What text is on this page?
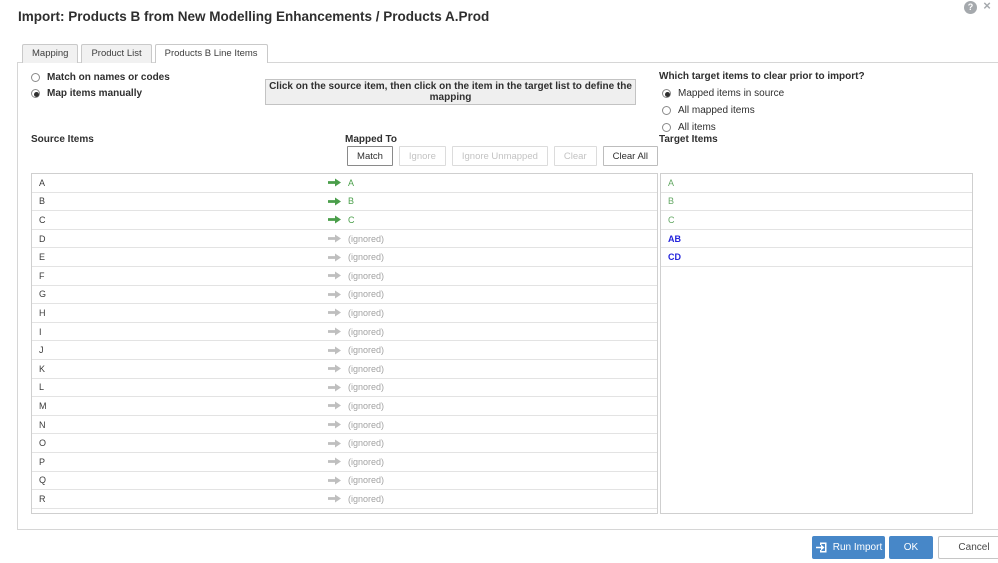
Import: Products B from New Modelling Enhancements / Products A.Prod
? ×
Mapping	Product List	Products B Line Items
Match on names or codes
Map items manually
Click on the source item, then click on the item in the target list to define the mapping
Which target items to clear prior to import?
Mapped items in source
All mapped items
All items
Source Items	Mapped To	Target Items
Match	Ignore	Ignore Unmapped	Clear	Clear All
A	A
B	B
C	C
D	(ignored)
E	(ignored)
F	(ignored)
G	(ignored)
H	(ignored)
I	(ignored)
J	(ignored)
K	(ignored)
L	(ignored)
M	(ignored)
N	(ignored)
O	(ignored)
P	(ignored)
Q	(ignored)
R	(ignored)
A
B
C
AB
CD
Run Import	OK	Cancel
